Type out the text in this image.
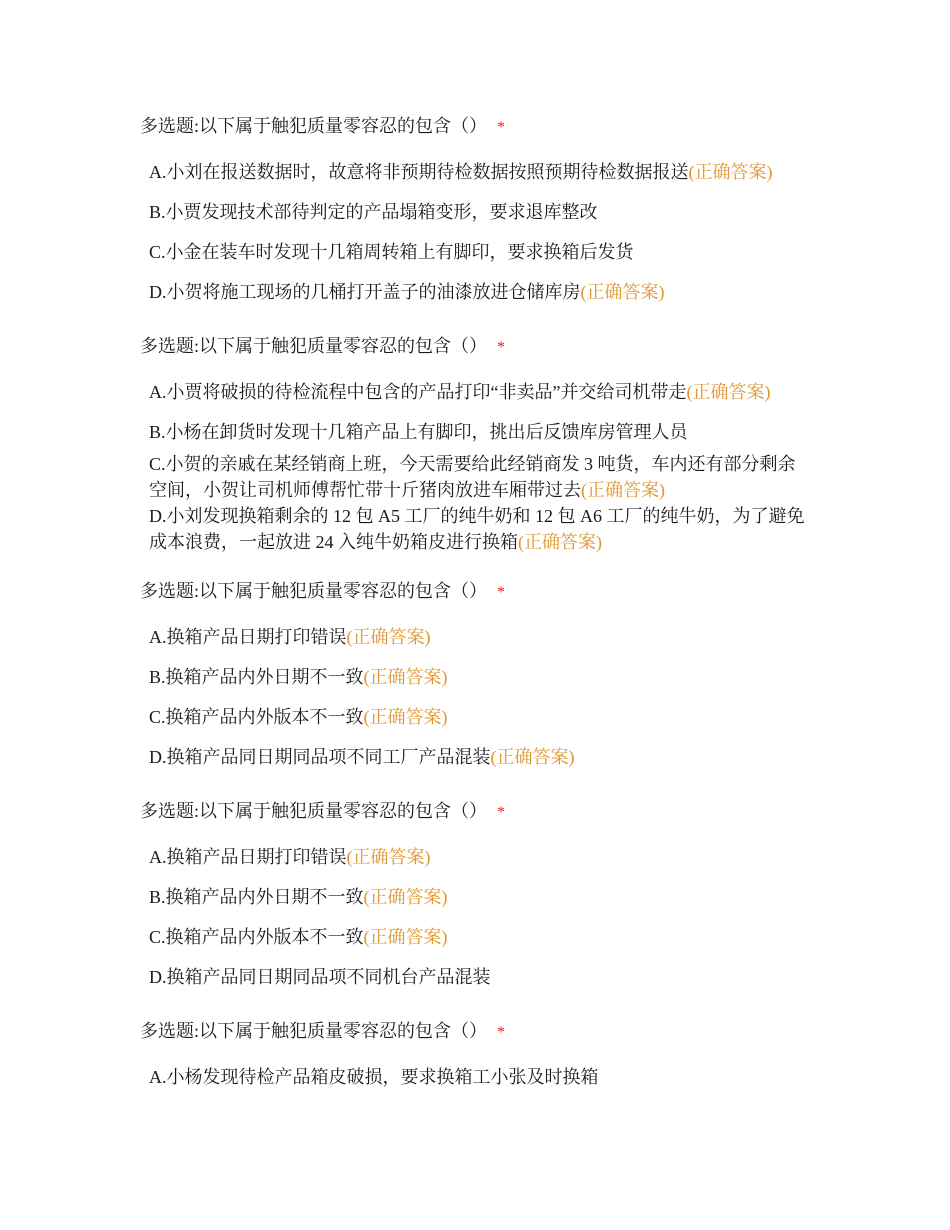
多选题:以下属于触犯质量零容忍的包含（） *
A.小刘在报送数据时，故意将非预期待检数据按照预期待检数据报送(正确答案)
B.小贾发现技术部待判定的产品塌箱变形，要求退库整改
C.小金在装车时发现十几箱周转箱上有脚印，要求换箱后发货
D.小贺将施工现场的几桶打开盖子的油漆放进仓储库房(正确答案)
多选题:以下属于触犯质量零容忍的包含（） *
A.小贾将破损的待检流程中包含的产品打印“非卖品”并交给司机带走(正确答案)
B.小杨在卸货时发现十几箱产品上有脚印，挑出后反馈库房管理人员
C.小贺的亲戚在某经销商上班，今天需要给此经销商发 3 吨货，车内还有部分剩余空间，小贺让司机师傅帮忙带十斤猪肉放进车厢带过去(正确答案)
D.小刘发现换箱剩余的 12 包 A5 工厂的纯牛奶和 12 包 A6 工厂的纯牛奶，为了避免成本浪费，一起放进 24 入纯牛奶箱皮进行换箱(正确答案)
多选题:以下属于触犯质量零容忍的包含（） *
A.换箱产品日期打印错误(正确答案)
B.换箱产品内外日期不一致(正确答案)
C.换箱产品内外版本不一致(正确答案)
D.换箱产品同日期同品项不同工厂产品混装(正确答案)
多选题:以下属于触犯质量零容忍的包含（） *
A.换箱产品日期打印错误(正确答案)
B.换箱产品内外日期不一致(正确答案)
C.换箱产品内外版本不一致(正确答案)
D.换箱产品同日期同品项不同机台产品混装
多选题:以下属于触犯质量零容忍的包含（） *
A.小杨发现待检产品箱皮破损，要求换箱工小张及时换箱
